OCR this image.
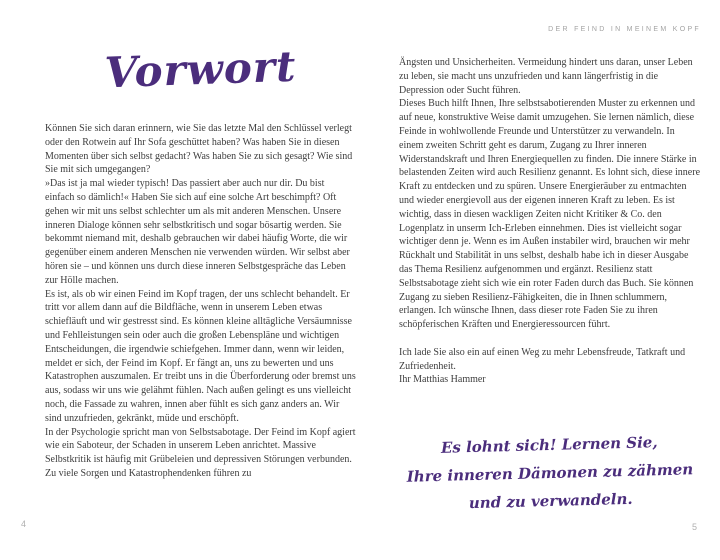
Vorwort

Können Sie sich daran erinnern, wie Sie das letzte Mal den Schlüssel verlegt oder den Rotwein auf Ihr Sofa geschüttet haben? Was haben Sie in diesen Momenten über sich selbst gedacht? Was haben Sie zu sich gesagt? Wie sind Sie mit sich umgegangen?

»Das ist ja mal wieder typisch! Das passiert aber auch nur dir. Du bist einfach so dämlich!« Haben Sie sich auf eine solche Art beschimpft? Oft gehen wir mit uns selbst schlechter um als mit anderen Menschen. Unsere inneren Dialoge können sehr selbstkritisch und sogar bösartig werden. Sie bekommt niemand mit, deshalb gebrauchen wir dabei häufig Worte, die wir gegenüber einem anderen Menschen nie verwenden würden. Wir selbst aber hören sie – und können uns durch diese inneren Selbstgespräche das Leben zur Hölle machen.

Es ist, als ob wir einen Feind im Kopf tragen, der uns schlecht behandelt. Er tritt vor allem dann auf die Bildfläche, wenn in unserem Leben etwas schiefläuft und wir gestresst sind. Es können kleine alltägliche Versäumnisse und Fehlleistungen sein oder auch die großen Lebenspläne und wichtigen Entscheidungen, die irgendwie schiefgehen. Immer dann, wenn wir leiden, meldet er sich, der Feind im Kopf. Er fängt an, uns zu bewerten und uns Katastrophen auszumalen. Er treibt uns in die Überforderung oder bremst uns aus, sodass wir uns wie gelähmt fühlen. Nach außen gelingt es uns vielleicht noch, die Fassade zu wahren, innen aber fühlt es sich ganz anders an. Wir sind unzufrieden, gekränkt, müde und erschöpft.

In der Psychologie spricht man von Selbstsabotage. Der Feind im Kopf agiert wie ein Saboteur, der Schaden in unserem Leben anrichtet. Massive Selbstkritik ist häufig mit Grübeleien und depressiven Störungen verbunden. Zu viele Sorgen und Katastrophendenken führen zu

DER FEIND IN MEINEM KOPF

Ängsten und Unsicherheiten. Vermeidung hindert uns daran, unser Leben zu leben, sie macht uns unzufrieden und kann längerfristig in die Depression oder Sucht führen.

Dieses Buch hilft Ihnen, Ihre selbstsabotierenden Muster zu erkennen und auf neue, konstruktive Weise damit umzugehen. Sie lernen nämlich, diese Feinde in wohlwollende Freunde und Unterstützer zu verwandeln. In einem zweiten Schritt geht es darum, Zugang zu Ihrer inneren Widerstandskraft und Ihren Energiequellen zu finden. Die innere Stärke in belastenden Zeiten wird auch Resilienz genannt. Es lohnt sich, diese innere Kraft zu entdecken und zu spüren. Unsere Energieräuber zu entmachten und wieder energievoll aus der eigenen inneren Kraft zu leben. Es ist wichtig, dass in diesen wackligen Zeiten nicht Kritiker & Co. den Logenplatz in unserm Ich-Erleben einnehmen. Dies ist vielleicht sogar wichtiger denn je. Wenn es im Außen instabiler wird, brauchen wir mehr Rückhalt und Stabilität in uns selbst, deshalb habe ich in dieser Ausgabe das Thema Resilienz aufgenommen und ergänzt. Resilienz statt Selbstsabotage zieht sich wie ein roter Faden durch das Buch. Sie können Zugang zu sieben Resilienz-Fähigkeiten, die in Ihnen schlummern, erlangen. Ich wünsche Ihnen, dass dieser rote Faden Sie zu ihren schöpferischen Kräften und Energieressourcen führt.

Ich lade Sie also ein auf einen Weg zu mehr Lebensfreude, Tatkraft und Zufriedenheit.

Ihr Matthias Hammer

Es lohnt sich! Lernen Sie,
Ihre inneren Dämonen zu zähmen
und zu verwandeln.
4	5
